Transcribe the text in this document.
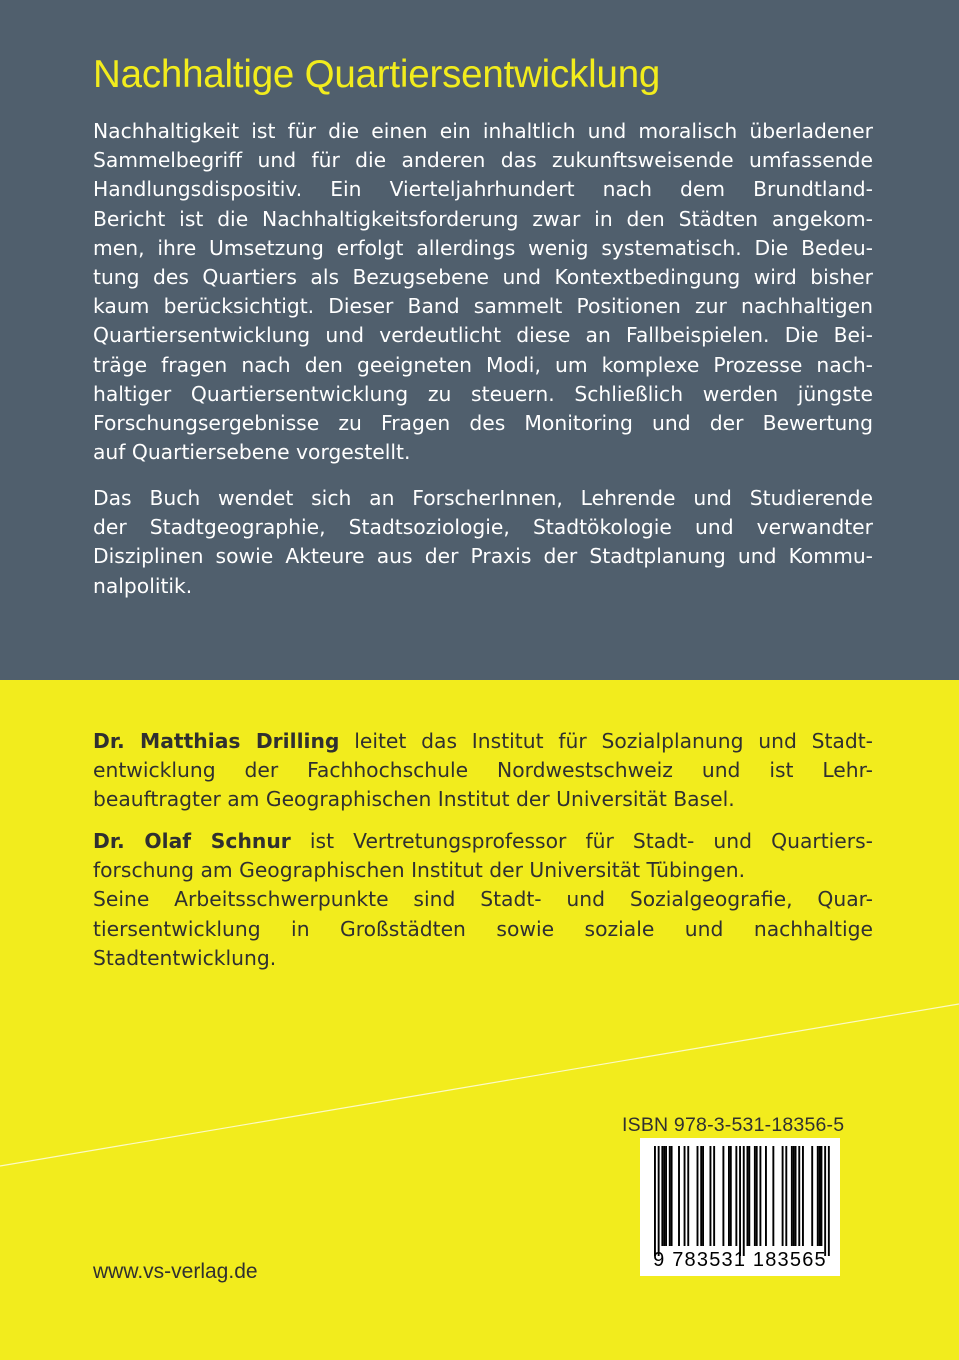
Nachhaltige Quartiersentwicklung
Nachhaltigkeit ist für die einen ein inhaltlich und moralisch überladener
Sammelbegriff und für die anderen das zukunftsweisende umfassende
Handlungsdispositiv. Ein Vierteljahrhundert nach dem Brundtland-
Bericht ist die Nachhaltigkeitsforderung zwar in den Städten angekom-
men, ihre Umsetzung erfolgt allerdings wenig systematisch. Die Bedeu-
tung des Quartiers als Bezugsebene und Kontextbedingung wird bisher
kaum berücksichtigt. Dieser Band sammelt Positionen zur nachhaltigen
Quartiersentwicklung und verdeutlicht diese an Fallbeispielen. Die Bei-
träge fragen nach den geeigneten Modi, um komplexe Prozesse nach-
haltiger Quartiersentwicklung zu steuern. Schließlich werden jüngste
Forschungsergebnisse zu Fragen des Monitoring und der Bewertung
auf Quartiersebene vorgestellt.
Das Buch wendet sich an ForscherInnen, Lehrende und Studierende
der Stadtgeographie, Stadtsoziologie, Stadtökologie und verwandter
Disziplinen sowie Akteure aus der Praxis der Stadtplanung und Kommu-
nalpolitik.
Dr. Matthias Drilling leitet das Institut für Sozialplanung und Stadt-
entwicklung der Fachhochschule Nordwestschweiz und ist Lehr-
beauftragter am Geographischen Institut der Universität Basel.
Dr. Olaf Schnur ist Vertretungsprofessor für Stadt- und Quartiers-
forschung am Geographischen Institut der Universität Tübingen.
Seine Arbeitsschwerpunkte sind Stadt- und Sozialgeografie, Quar-
tiersentwicklung in Großstädten sowie soziale und nachhaltige
Stadtentwicklung.
ISBN 978-3-531-18356-5
9 783531 183565
www.vs-verlag.de
